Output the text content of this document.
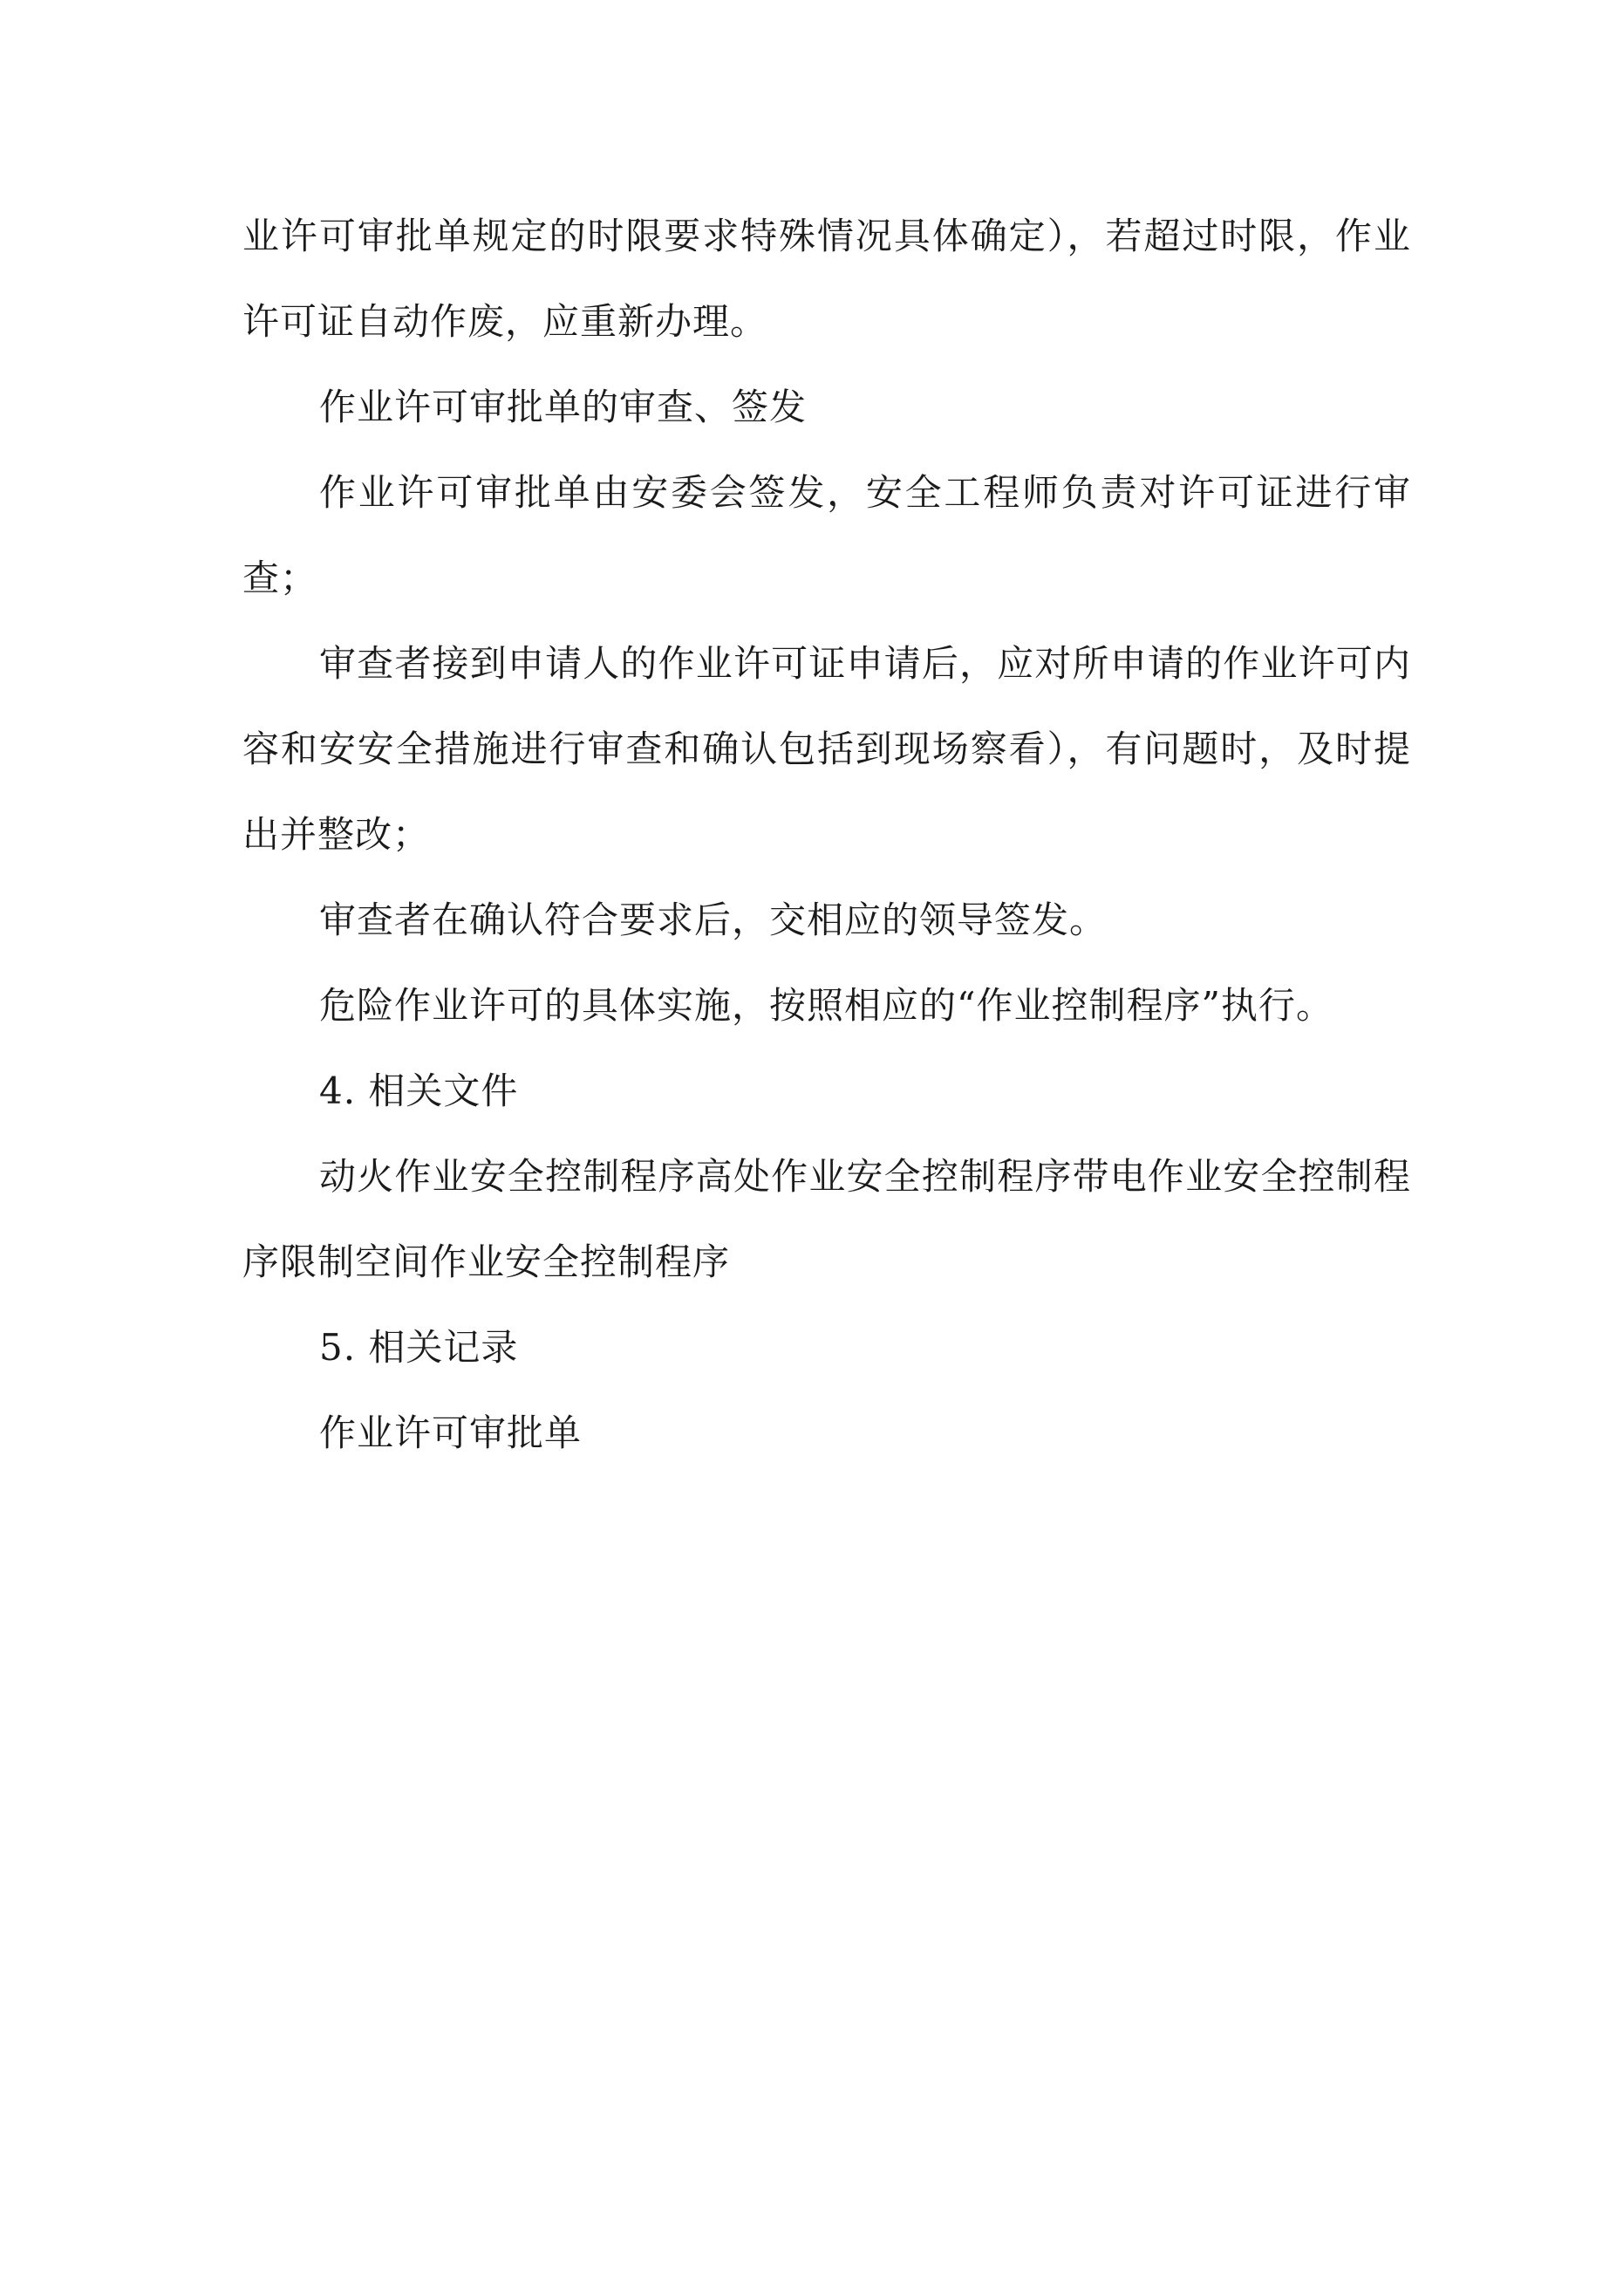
业许可审批单规定的时限要求特殊情况具体确定），若超过时限，作业许可证自动作废，应重新办理。

作业许可审批单的审查、签发

作业许可审批单由安委会签发，安全工程师负责对许可证进行审查；

审查者接到申请人的作业许可证申请后，应对所申请的作业许可内容和安安全措施进行审查和确认包括到现场察看），有问题时，及时提出并整改；

审查者在确认符合要求后，交相应的领导签发。

危险作业许可的具体实施，按照相应的“作业控制程序”执行。

4. 相关文件

动火作业安全控制程序高处作业安全控制程序带电作业安全控制程序限制空间作业安全控制程序

5. 相关记录

作业许可审批单
